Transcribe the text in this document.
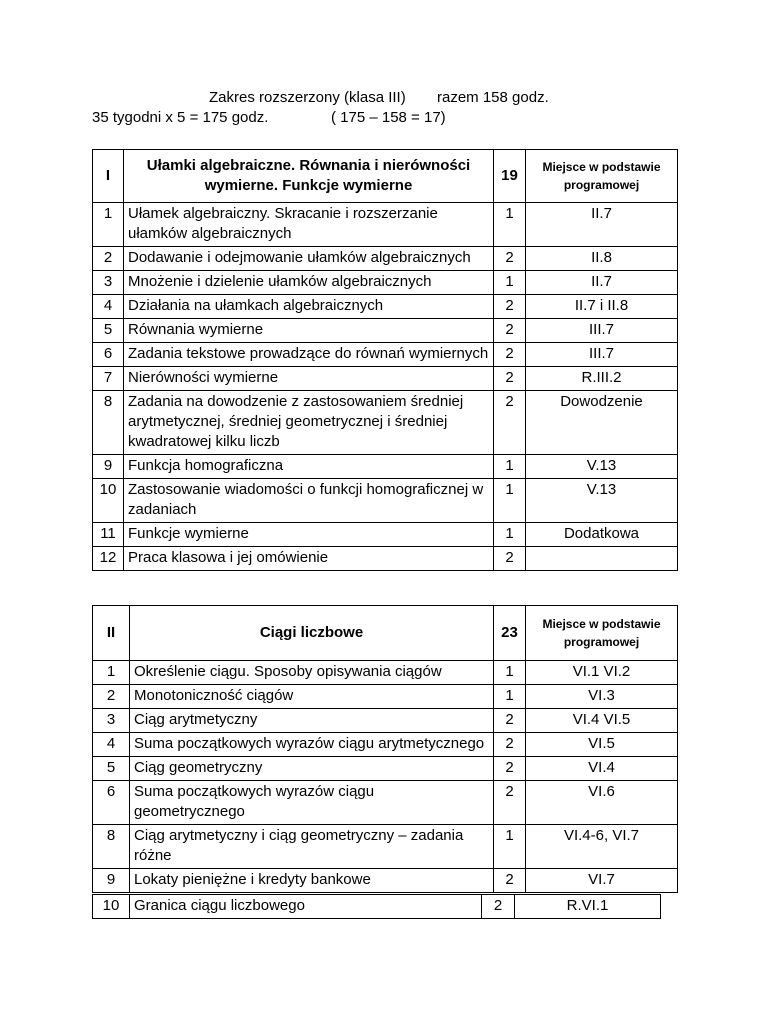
Zakres rozszerzony (klasa III) razem 158 godz.
35 tygodni x 5 = 175 godz.	( 175 – 158 = 17)
I	Ułamki algebraiczne. Równania i nierówności wymierne. Funkcje wymierne	19	Miejsce w podstawie programowej
1	Ułamek algebraiczny. Skracanie i rozszerzanie ułamków algebraicznych	1	II.7
2	Dodawanie i odejmowanie ułamków algebraicznych	2	II.8
3	Mnożenie i dzielenie ułamków algebraicznych	1	II.7
4	Działania na ułamkach algebraicznych	2	II.7 i II.8
5	Równania wymierne	2	III.7
6	Zadania tekstowe prowadzące do równań wymiernych	2	III.7
7	Nierówności wymierne	2	R.III.2
8	Zadania na dowodzenie z zastosowaniem średniej arytmetycznej, średniej geometrycznej i średniej kwadratowej kilku liczb	2	Dowodzenie
9	Funkcja homograficzna	1	V.13
10	Zastosowanie wiadomości o funkcji homograficznej w zadaniach	1	V.13
11	Funkcje wymierne	1	Dodatkowa
12	Praca klasowa i jej omówienie	2	
II	Ciągi liczbowe	23	Miejsce w podstawie programowej
1	Określenie ciągu. Sposoby opisywania ciągów	1	VI.1 VI.2
2	Monotoniczność ciągów	1	VI.3
3	Ciąg arytmetyczny	2	VI.4 VI.5
4	Suma początkowych wyrazów ciągu arytmetycznego	2	VI.5
5	Ciąg geometryczny	2	VI.4
6	Suma początkowych wyrazów ciągu geometrycznego	2	VI.6
8	Ciąg arytmetyczny i ciąg geometryczny – zadania różne	1	VI.4-6, VI.7
9	Lokaty pieniężne i kredyty bankowe	2	VI.7
10	Granica ciągu liczbowego	2	R.VI.1
